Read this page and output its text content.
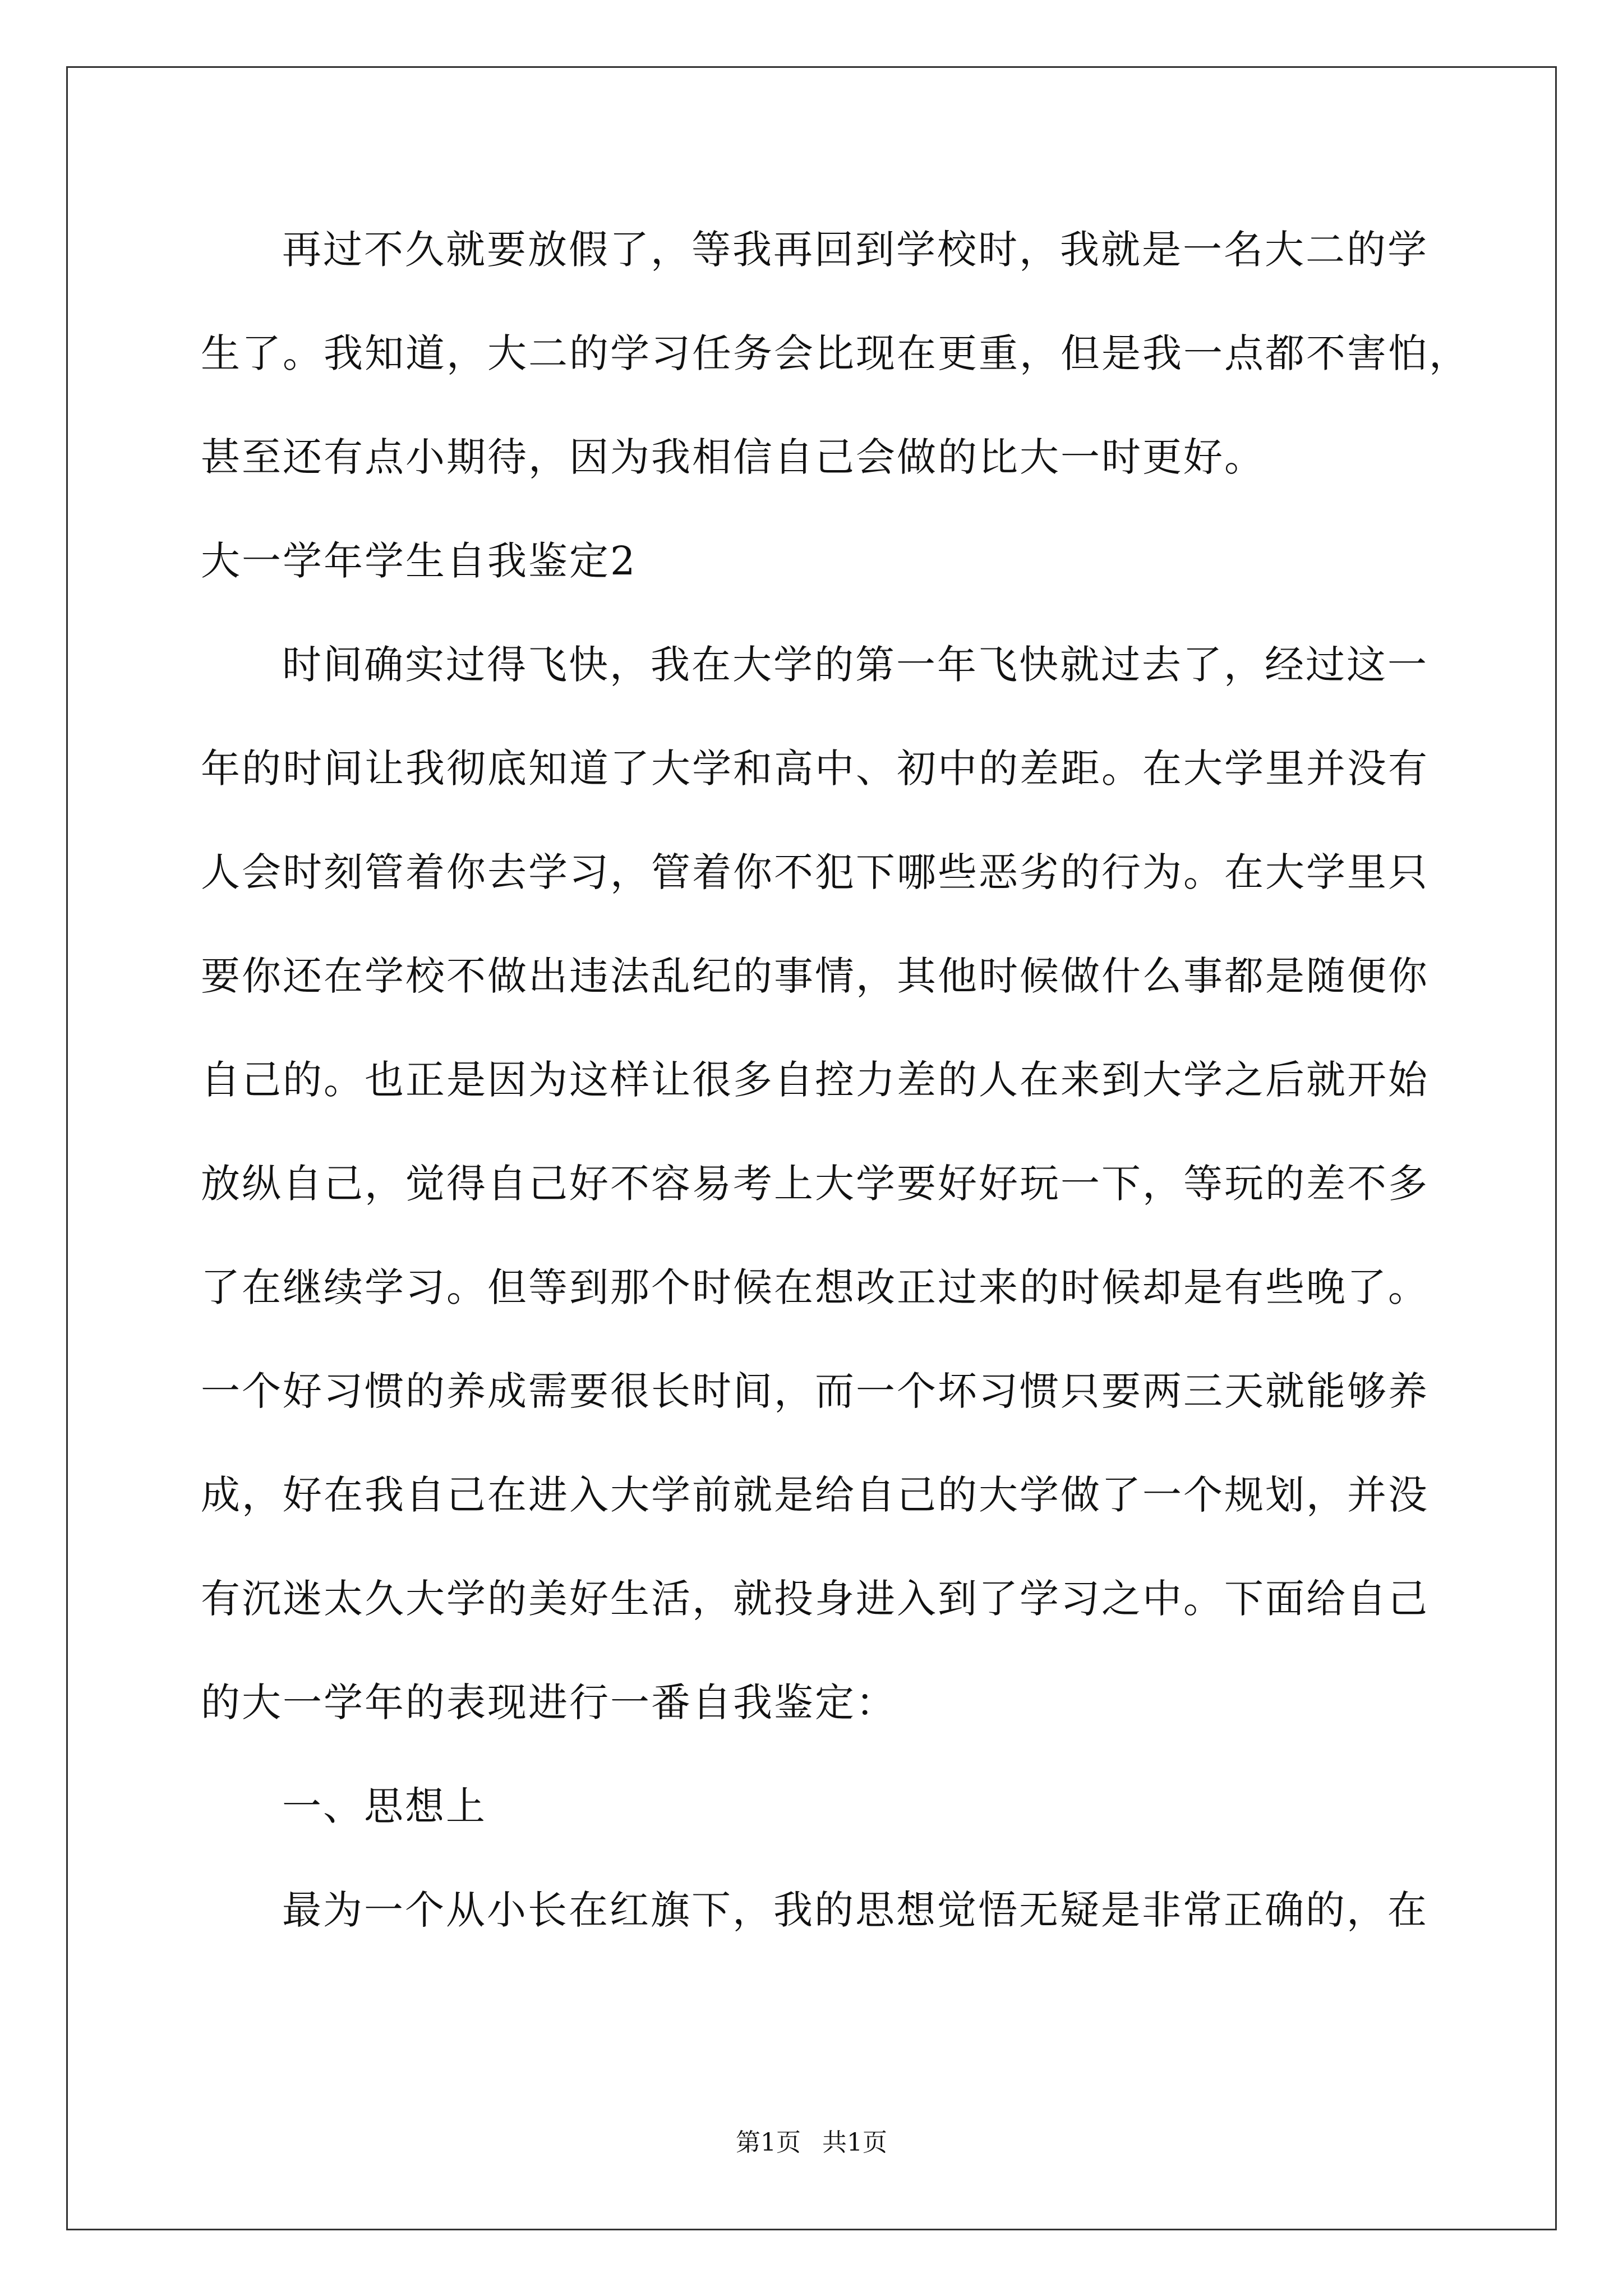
再过不久就要放假了，等我再回到学校时，我就是一名大二的学
生了。我知道，大二的学习任务会比现在更重，但是我一点都不害怕，
甚至还有点小期待，因为我相信自己会做的比大一时更好。
大一学年学生自我鉴定2
时间确实过得飞快，我在大学的第一年飞快就过去了，经过这一
年的时间让我彻底知道了大学和高中、初中的差距。在大学里并没有
人会时刻管着你去学习，管着你不犯下哪些恶劣的行为。在大学里只
要你还在学校不做出违法乱纪的事情，其他时候做什么事都是随便你
自己的。也正是因为这样让很多自控力差的人在来到大学之后就开始
放纵自己，觉得自己好不容易考上大学要好好玩一下，等玩的差不多
了在继续学习。但等到那个时候在想改正过来的时候却是有些晚了。
一个好习惯的养成需要很长时间，而一个坏习惯只要两三天就能够养
成，好在我自己在进入大学前就是给自己的大学做了一个规划，并没
有沉迷太久大学的美好生活，就投身进入到了学习之中。下面给自己
的大一学年的表现进行一番自我鉴定：
一、思想上
最为一个从小长在红旗下，我的思想觉悟无疑是非常正确的，在
第1页 共1页
